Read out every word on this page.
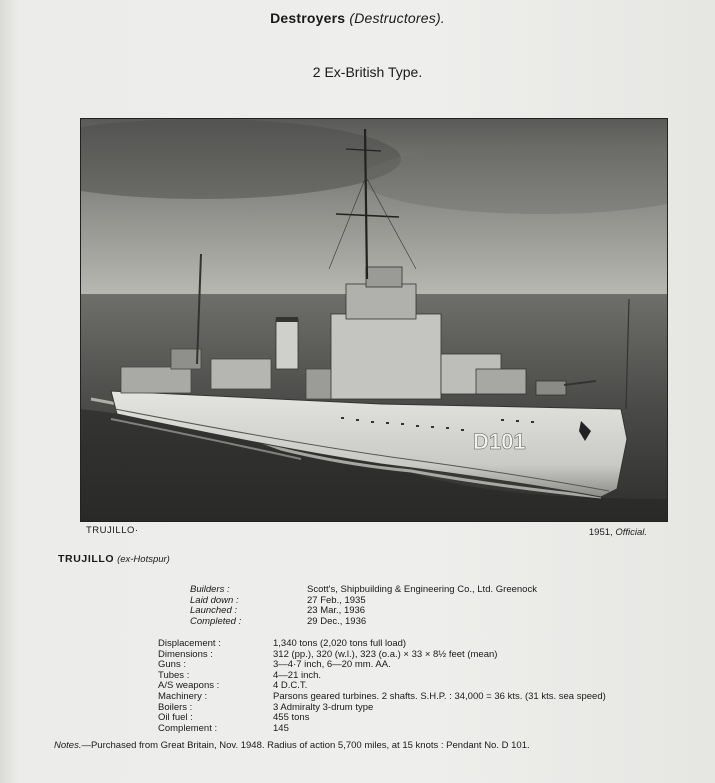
Destroyers (Destructores).
2 Ex-British Type.
D101
TRUJILLO·	1951, Official.
TRUJILLO (ex-Hotspur)
Builders :
Laid down :
Launched :
Completed :
Scott's, Shipbuilding & Engineering Co., Ltd. Greenock
27 Feb., 1935
23 Mar., 1936
29 Dec., 1936
Displacement :
Dimensions :
Guns :
Tubes :
A/S weapons :
Machinery :
Boilers :
Oil fuel :
Complement :
1,340 tons (2,020 tons full load)
312 (pp.), 320 (w.l.), 323 (o.a.) × 33 × 8½ feet (mean)
3—4·7 inch, 6—20 mm. AA.
4—21 inch.
4 D.C.T.
Parsons geared turbines. 2 shafts. S.H.P. : 34,000 = 36 kts. (31 kts. sea speed)
3 Admiralty 3-drum type
455 tons
145
Notes.—Purchased from Great Britain, Nov. 1948. Radius of action 5,700 miles, at 15 knots : Pendant No. D 101.
